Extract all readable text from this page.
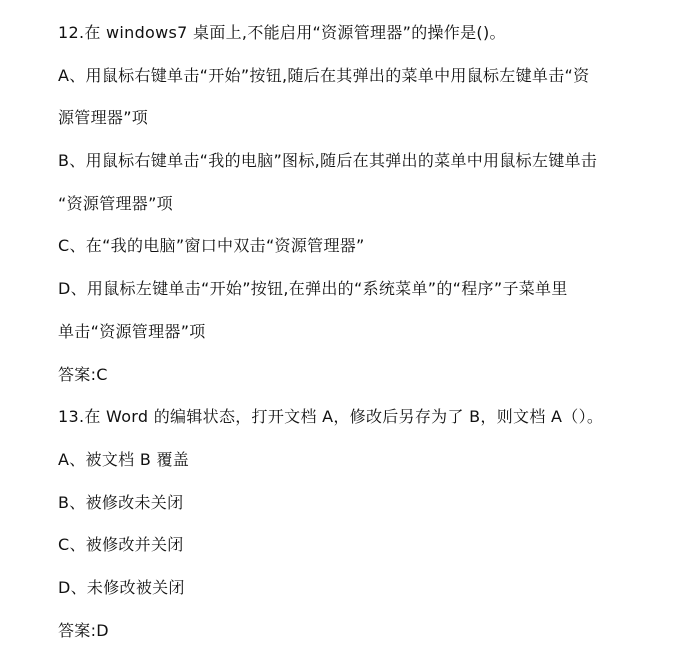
12.在 windows7 桌面上,不能启用“资源管理器”的操作是()。
A、用鼠标右键单击“开始”按钮,随后在其弹出的菜单中用鼠标左键单击“资
源管理器”项
B、用鼠标右键单击“我的电脑”图标,随后在其弹出的菜单中用鼠标左键单击
“资源管理器”项
C、在“我的电脑”窗口中双击“资源管理器”
D、用鼠标左键单击“开始”按钮,在弹出的“系统菜单”的“程序”子菜单里
单击“资源管理器”项
答案:C
13.在 Word 的编辑状态，打开文档 A，修改后另存为了 B，则文档 A（）。
A、被文档 B 覆盖
B、被修改未关闭
C、被修改并关闭
D、未修改被关闭
答案:D
